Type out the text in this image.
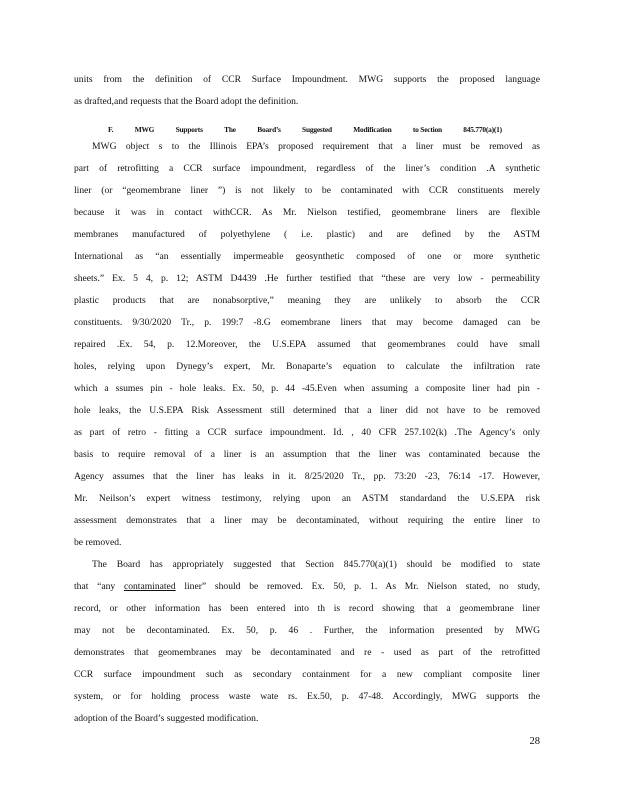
units from the definition of CCR Surface Impoundment. MWG supports the proposed language
as drafted,and requests that the Board adopt the definition.
F.	MWG	Supports	The	Board’s	Suggested	Modification	to Section	845.770(a)(1)
MWG object s to the Illinois EPA’s proposed requirement that a liner must be removed as
part of retrofitting a CCR surface impoundment, regardless of the liner’s condition .A synthetic
liner (or “geomembrane liner ”) is not likely to be contaminated with CCR constituents merely
because it was in contact withCCR. As Mr. Nielson testified, geomembrane liners are flexible
membranes manufactured of polyethylene ( i.e. plastic) and are defined by the ASTM
International as “an essentially impermeable geosynthetic composed of one or more synthetic
sheets.” Ex. 5 4, p. 12; ASTM D4439 .He further testified that “these are very low - permeability
plastic products that are nonabsorptive,” meaning they are unlikely to absorb the CCR
constituents. 9/30/2020 Tr., p. 199:7 -8.G eomembrane liners that may become damaged can be
repaired .Ex. 54, p. 12.Moreover, the U.S.EPA assumed that geomembranes could have small
holes, relying upon Dynegy’s expert, Mr. Bonaparte’s equation to calculate the infiltration rate
which a ssumes pin - hole leaks. Ex. 50, p. 44 -45.Even when assuming a composite liner had pin -
hole leaks, the U.S.EPA Risk Assessment still determined that a liner did not have to be removed
as part of retro - fitting a CCR surface impoundment. Id. , 40 CFR 257.102(k) .The Agency’s only
basis to require removal of a liner is an assumption that the liner was contaminated because the
Agency assumes that the liner has leaks in it. 8/25/2020 Tr., pp. 73:20 -23, 76:14 -17. However,
Mr. Neilson’s expert witness testimony, relying upon an ASTM standardand the U.S.EPA risk
assessment demonstrates that a liner may be decontaminated, without requiring the entire liner to
be removed.
The Board has appropriately suggested that Section 845.770(a)(1) should be modified to state
that “any contaminated liner” should be removed. Ex. 50, p. 1. As Mr. Nielson stated, no study,
record, or other information has been entered into th is record showing that a geomembrane liner
may not be decontaminated. Ex. 50, p. 46 . Further, the information presented by MWG
demonstrates that geomembranes may be decontaminated and re - used as part of the retrofitted
CCR surface impoundment such as secondary containment for a new compliant composite liner
system, or for holding process waste wate rs. Ex.50, p. 47-48. Accordingly, MWG supports the
adoption of the Board’s suggested modification.
28
